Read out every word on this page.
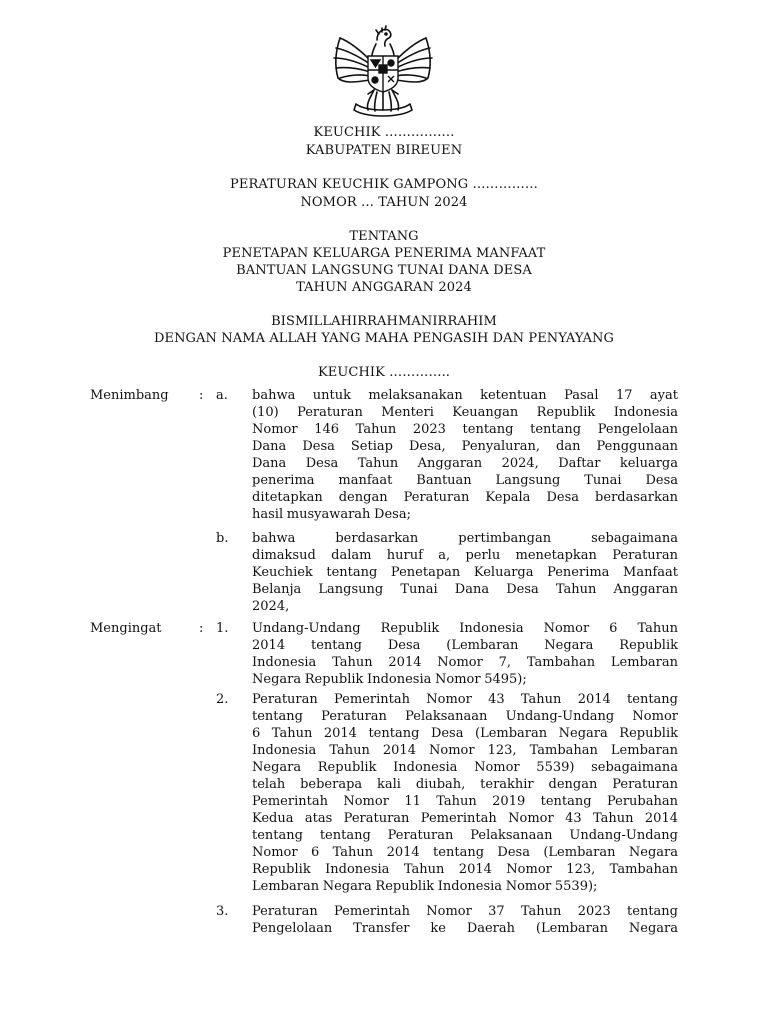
KEUCHIK …………….
KABUPATEN BIREUEN
PERATURAN KEUCHIK GAMPONG ……………
NOMOR … TAHUN 2024
TENTANG
PENETAPAN KELUARGA PENERIMA MANFAAT
BANTUAN LANGSUNG TUNAI DANA DESA
TAHUN ANGGARAN 2024
BISMILLAHIRRAHMANIRRAHIM
DENGAN NAMA ALLAH YANG MAHA PENGASIH DAN PENYAYANG
KEUCHIK …………..
Menimbang : a. bahwa untuk melaksanakan ketentuan Pasal 17 ayat
(10) Peraturan Menteri Keuangan Republik Indonesia
Nomor 146 Tahun 2023 tentang tentang Pengelolaan
Dana Desa Setiap Desa, Penyaluran, dan Penggunaan
Dana Desa Tahun Anggaran 2024, Daftar keluarga
penerima manfaat Bantuan Langsung Tunai Desa
ditetapkan dengan Peraturan Kepala Desa berdasarkan
hasil musyawarah Desa;
b. bahwa berdasarkan pertimbangan sebagaimana
dimaksud dalam huruf a, perlu menetapkan Peraturan
Keuchiek tentang Penetapan Keluarga Penerima Manfaat
Belanja Langsung Tunai Dana Desa Tahun Anggaran
2024,
Mengingat	: 1. Undang-Undang Republik Indonesia Nomor 6 Tahun
2014 tentang Desa (Lembaran Negara Republik
Indonesia Tahun 2014 Nomor 7, Tambahan Lembaran
Negara Republik Indonesia Nomor 5495);
2. Peraturan Pemerintah Nomor 43 Tahun 2014 tentang
tentang Peraturan Pelaksanaan Undang-Undang Nomor
6 Tahun 2014 tentang Desa (Lembaran Negara Republik
Indonesia Tahun 2014 Nomor 123, Tambahan Lembaran
Negara Republik Indonesia Nomor 5539) sebagaimana
telah beberapa kali diubah, terakhir dengan Peraturan
Pemerintah Nomor 11 Tahun 2019 tentang Perubahan
Kedua atas Peraturan Pemerintah Nomor 43 Tahun 2014
tentang tentang Peraturan Pelaksanaan Undang-Undang
Nomor 6 Tahun 2014 tentang Desa (Lembaran Negara
Republik Indonesia Tahun 2014 Nomor 123, Tambahan
Lembaran Negara Republik Indonesia Nomor 5539);
3. Peraturan Pemerintah Nomor 37 Tahun 2023 tentang
Pengelolaan Transfer ke Daerah (Lembaran Negara
